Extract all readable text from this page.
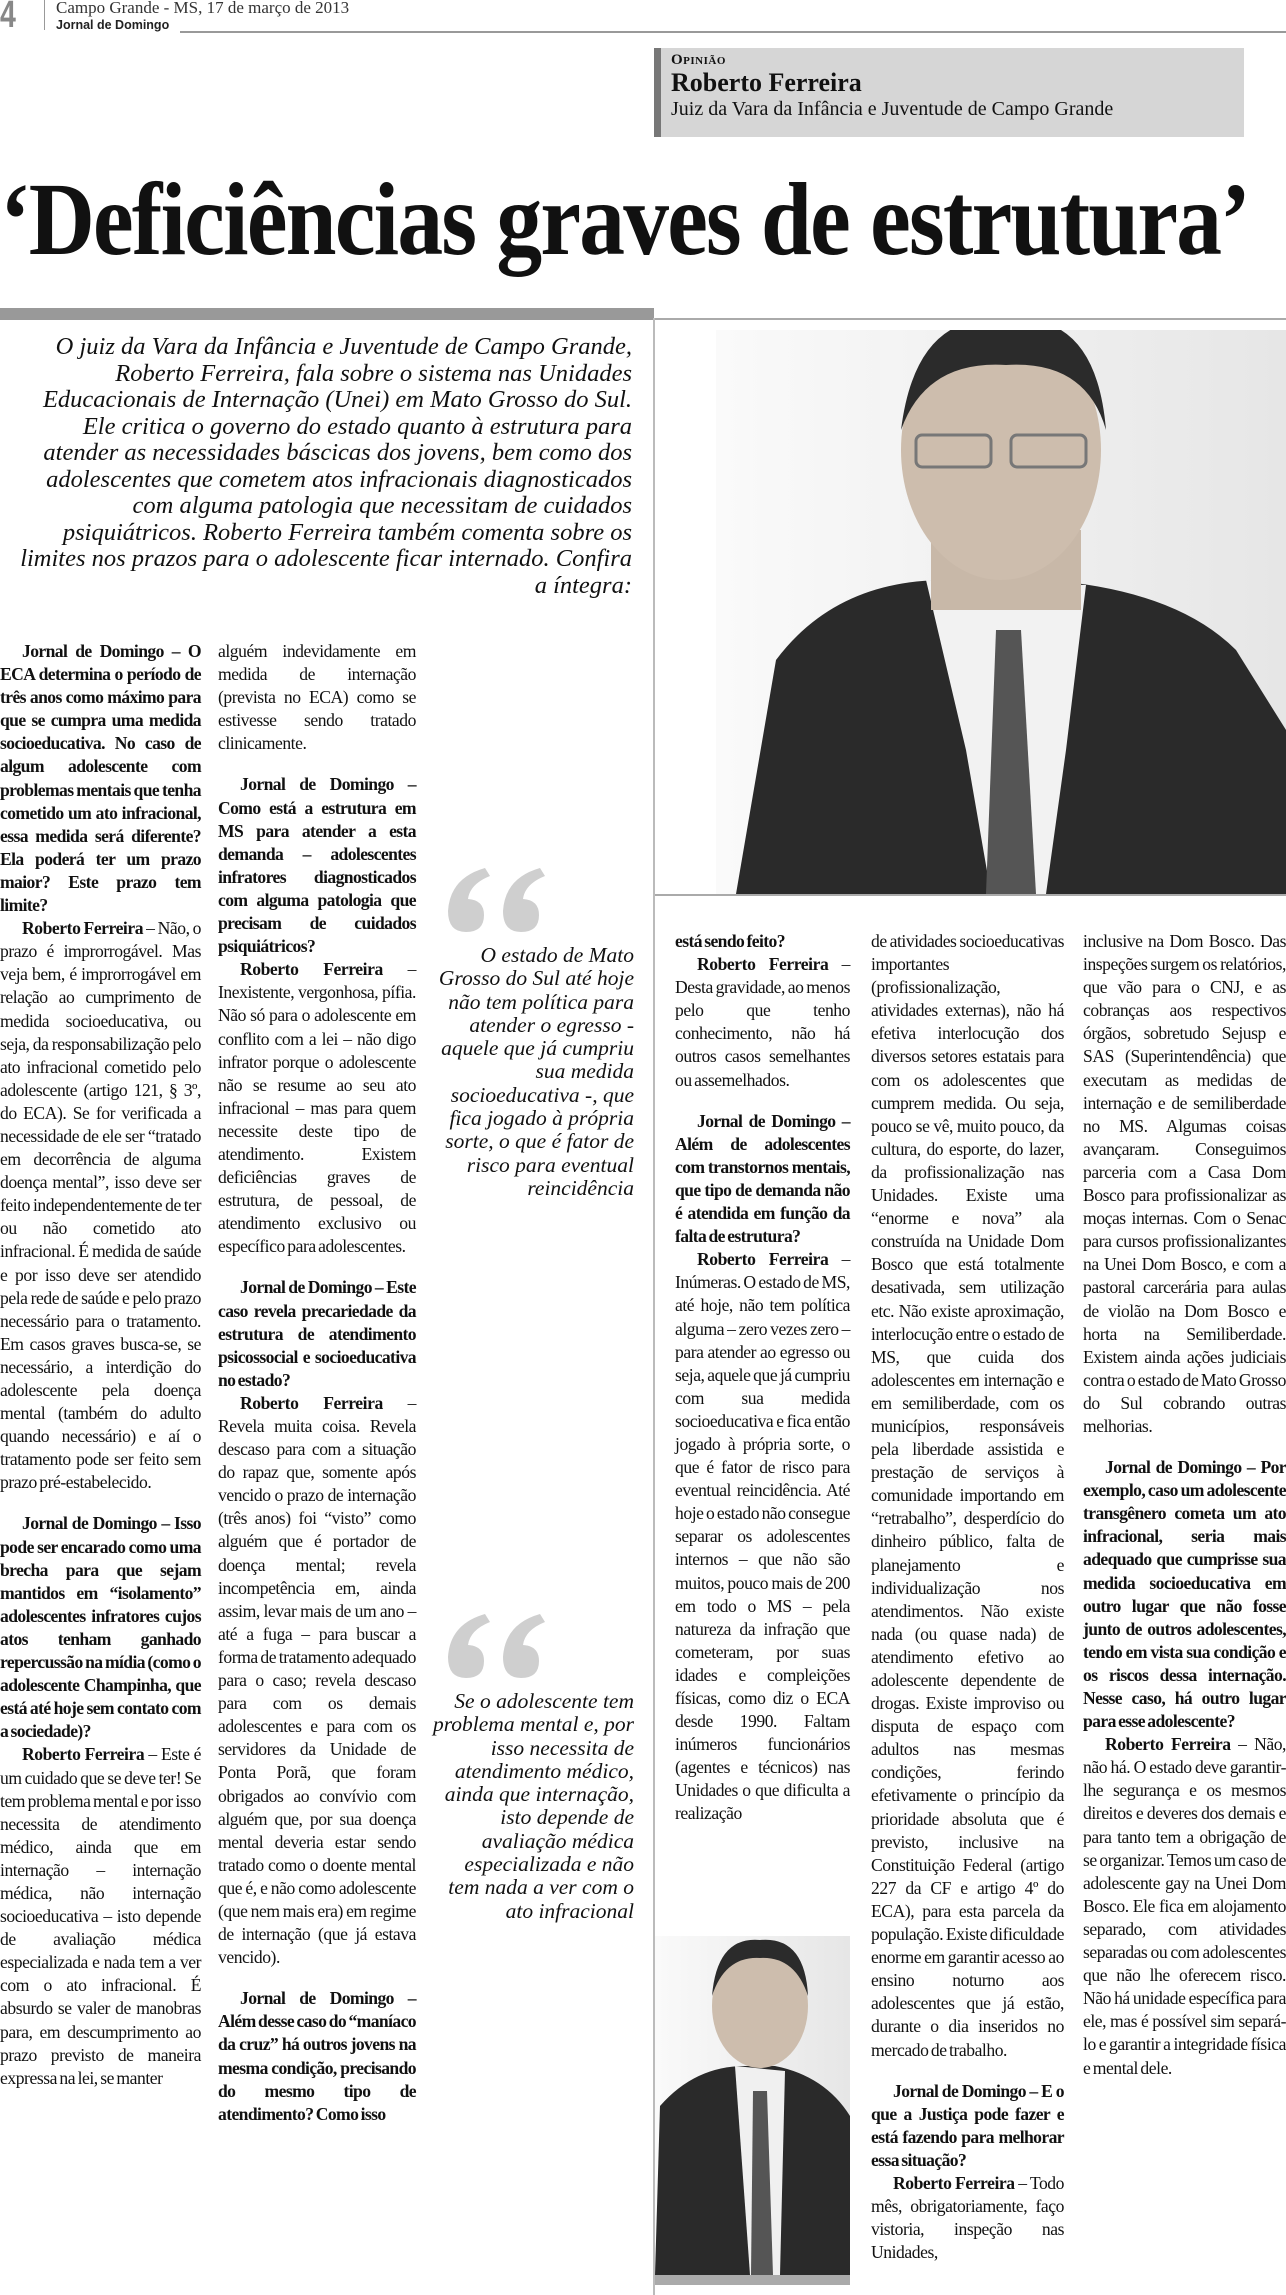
4 Campo Grande - MS, 17 de março de 2013
Jornal de Domingo
Opinião
Roberto Ferreira
Juiz da Vara da Infância e Juventude de Campo Grande
‘Deficiências graves de estrutura’
O juiz da Vara da Infância e Juventude de Campo Grande, Roberto Ferreira, fala sobre o sistema nas Unidades Educacionais de Internação (Unei) em Mato Grosso do Sul. Ele critica o governo do estado quanto à estrutura para atender as necessidades báscicas dos jovens, bem como dos adolescentes que cometem atos infracionais diagnosticados com alguma patologia que necessitam de cuidados psiquiátricos. Roberto Ferreira também comenta sobre os limites nos prazos para o adolescente ficar internado. Confira a íntegra:
O estado de Mato Grosso do Sul até hoje não tem política para atender o egresso - aquele que já cumpriu sua medida socioeducativa -, que fica jogado à própria sorte, o que é fator de risco para eventual reincidência
Se o adolescente tem problema mental e, por isso necessita de atendimento médico, ainda que internação, isto depende de avaliação médica especializada e não tem nada a ver com o ato infracional

Jornal de Domingo – O ECA determina o período de três anos como máximo para que se cumpra uma medida socioeducativa. No caso de algum adolescente com problemas mentais que tenha cometido um ato infracional, essa medida será diferente? Ela poderá ter um prazo maior? Este prazo tem limite?

Roberto Ferreira – Não, o prazo é improrrogável. Mas veja bem, é improrrogável em relação ao cumprimento de medida socioeducativa, ou seja, da responsabilização pelo ato infracional cometido pelo adolescente (artigo 121, § 3º, do ECA). Se for verificada a necessidade de ele ser “tratado em decorrência de alguma doença mental”, isso deve ser feito independentemente de ter ou não cometido ato infracional. É medida de saúde e por isso deve ser atendido pela rede de saúde e pelo prazo necessário para o tratamento. Em casos graves busca-se, se necessário, a interdição do adolescente pela doença mental (também do adulto quando necessário) e aí o tratamento pode ser feito sem prazo pré-estabelecido.

Jornal de Domingo – Isso pode ser encarado como uma brecha para que sejam mantidos em “isolamento” adolescentes infratores cujos atos tenham ganhado repercussão na mídia (como o adolescente Champinha, que está até hoje sem contato com a sociedade)?

Roberto Ferreira – Este é um cuidado que se deve ter! Se tem problema mental e por isso necessita de atendimento médico, ainda que em internação – internação médica, não internação socioeducativa – isto depende de avaliação médica especializada e nada tem a ver com o ato infracional. É absurdo se valer de manobras para, em descumprimento ao prazo previsto de maneira expressa na lei, se manter

alguém indevidamente em medida de internação (prevista no ECA) como se estivesse sendo tratado clinicamente.

Jornal de Domingo – Como está a estrutura em MS para atender a esta demanda – adolescentes infratores diagnosticados com alguma patologia que precisam de cuidados psiquiátricos?

Roberto Ferreira – Inexistente, vergonhosa, pífia. Não só para o adolescente em conflito com a lei – não digo infrator porque o adolescente não se resume ao seu ato infracional – mas para quem necessite deste tipo de atendimento. Existem deficiências graves de estrutura, de pessoal, de atendimento exclusivo ou específico para adolescentes.

Jornal de Domingo – Este caso revela precariedade da estrutura de atendimento psicossocial e socioeducativa no estado?

Roberto Ferreira – Revela muita coisa. Revela descaso para com a situação do rapaz que, somente após vencido o prazo de internação (três anos) foi “visto” como alguém que é portador de doença mental; revela incompetência em, ainda assim, levar mais de um ano – até a fuga – para buscar a forma de tratamento adequado para o caso; revela descaso para com os demais adolescentes e para com os servidores da Unidade de Ponta Porã, que foram obrigados ao convívio com alguém que, por sua doença mental deveria estar sendo tratado como o doente mental que é, e não como adolescente (que nem mais era) em regime de internação (que já estava vencido).

Jornal de Domingo – Além desse caso do “maníaco da cruz” há outros jovens na mesma condição, precisando do mesmo tipo de atendimento? Como isso

está sendo feito?

Roberto Ferreira – Desta gravidade, ao menos pelo que tenho conhecimento, não há outros casos semelhantes ou assemelhados.

Jornal de Domingo – Além de adolescentes com transtornos mentais, que tipo de demanda não é atendida em função da falta de estrutura?

Roberto Ferreira – Inúmeras. O estado de MS, até hoje, não tem política alguma – zero vezes zero – para atender ao egresso ou seja, aquele que já cumpriu com sua medida socioeducativa e fica então jogado à própria sorte, o que é fator de risco para eventual reincidência. Até hoje o estado não consegue separar os adolescentes internos – que não são muitos, pouco mais de 200 em todo o MS – pela natureza da infração que cometeram, por suas idades e compleições físicas, como diz o ECA desde 1990. Faltam inúmeros funcionários (agentes e técnicos) nas Unidades o que dificulta a realização

de atividades socioeducativas importantes (profissionalização, atividades externas), não há efetiva interlocução dos diversos setores estatais para com os adolescentes que cumprem medida. Ou seja, pouco se vê, muito pouco, da cultura, do esporte, do lazer, da profissionalização nas Unidades. Existe uma “enorme e nova” ala construída na Unidade Dom Bosco que está totalmente desativada, sem utilização etc. Não existe aproximação, interlocução entre o estado de MS, que cuida dos adolescentes em internação e em semiliberdade, com os municípios, responsáveis pela liberdade assistida e prestação de serviços à comunidade importando em “retrabalho”, desperdício do dinheiro público, falta de planejamento e individualização nos atendimentos. Não existe nada (ou quase nada) de atendimento efetivo ao adolescente dependente de drogas. Existe improviso ou disputa de espaço com adultos nas mesmas condições, ferindo efetivamente o princípio da prioridade absoluta que é previsto, inclusive na Constituição Federal (artigo 227 da CF e artigo 4º do ECA), para esta parcela da população. Existe dificuldade enorme em garantir acesso ao ensino noturno aos adolescentes que já estão, durante o dia inseridos no mercado de trabalho.

Jornal de Domingo – E o que a Justiça pode fazer e está fazendo para melhorar essa situação?

Roberto Ferreira – Todo mês, obrigatoriamente, faço vistoria, inspeção nas Unidades,

inclusive na Dom Bosco. Das inspeções surgem os relatórios, que vão para o CNJ, e as cobranças aos respectivos órgãos, sobretudo Sejusp e SAS (Superintendência) que executam as medidas de internação e de semiliberdade no MS. Algumas coisas avançaram. Conseguimos parceria com a Casa Dom Bosco para profissionalizar as moças internas. Com o Senac para cursos profissionalizantes na Unei Dom Bosco, e com a pastoral carcerária para aulas de violão na Dom Bosco e horta na Semiliberdade. Existem ainda ações judiciais contra o estado de Mato Grosso do Sul cobrando outras melhorias.

Jornal de Domingo – Por exemplo, caso um adolescente transgênero cometa um ato infracional, seria mais adequado que cumprisse sua medida socioeducativa em outro lugar que não fosse junto de outros adolescentes, tendo em vista sua condição e os riscos dessa internação. Nesse caso, há outro lugar para esse adolescente?

Roberto Ferreira – Não, não há. O estado deve garantir-lhe segurança e os mesmos direitos e deveres dos demais e para tanto tem a obrigação de se organizar. Temos um caso de adolescente gay na Unei Dom Bosco. Ele fica em alojamento separado, com atividades separadas ou com adolescentes que não lhe oferecem risco. Não há unidade específica para ele, mas é possível sim separá-lo e garantir a integridade física e mental dele.
